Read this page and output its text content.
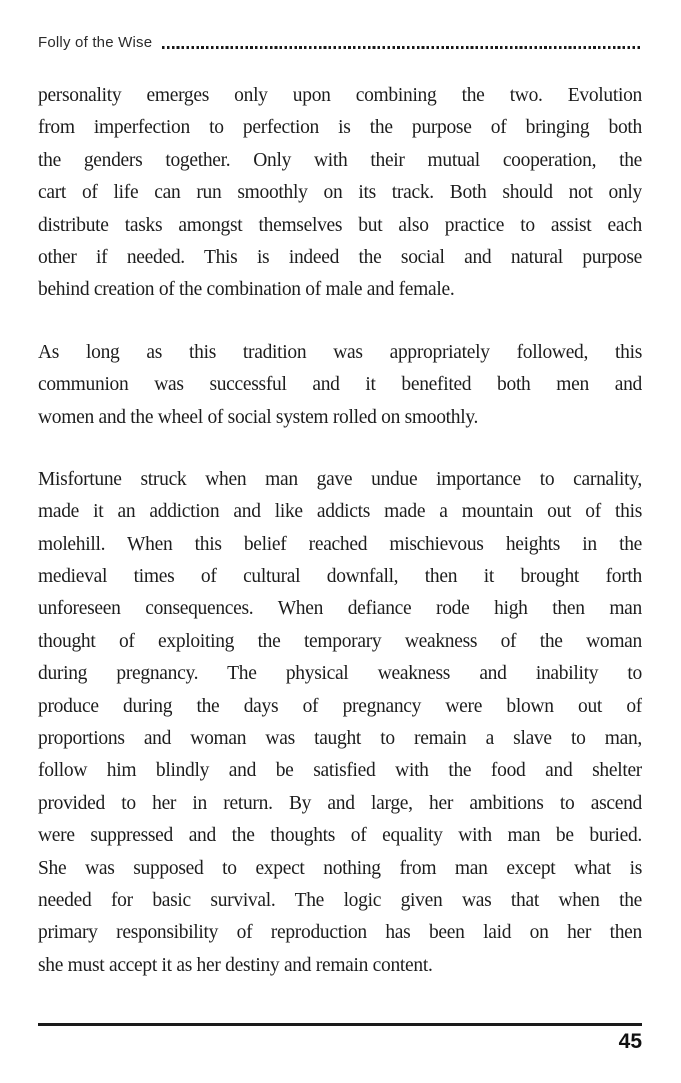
Folly of the Wise
personality emerges only upon combining the two. Evolution
from imperfection to perfection is the purpose of bringing both
the genders together. Only with their mutual cooperation, the
cart of life can run smoothly on its track. Both should not only
distribute tasks amongst themselves but also practice to assist each
other if needed. This is indeed the social and natural purpose
behind creation of the combination of male and female.
As long as this tradition was appropriately followed, this
communion was successful and it benefited both men and
women and the wheel of social system rolled on smoothly.
Misfortune struck when man gave undue importance to carnality,
made it an addiction and like addicts made a mountain out of this
molehill. When this belief reached mischievous heights in the
medieval times of cultural downfall, then it brought forth
unforeseen consequences. When defiance rode high then man
thought of exploiting the temporary weakness of the woman
during pregnancy. The physical weakness and inability to
produce during the days of pregnancy were blown out of
proportions and woman was taught to remain a slave to man,
follow him blindly and be satisfied with the food and shelter
provided to her in return. By and large, her ambitions to ascend
were suppressed and the thoughts of equality with man be buried.
She was supposed to expect nothing from man except what is
needed for basic survival. The logic given was that when the
primary responsibility of reproduction has been laid on her then
she must accept it as her destiny and remain content.
45
